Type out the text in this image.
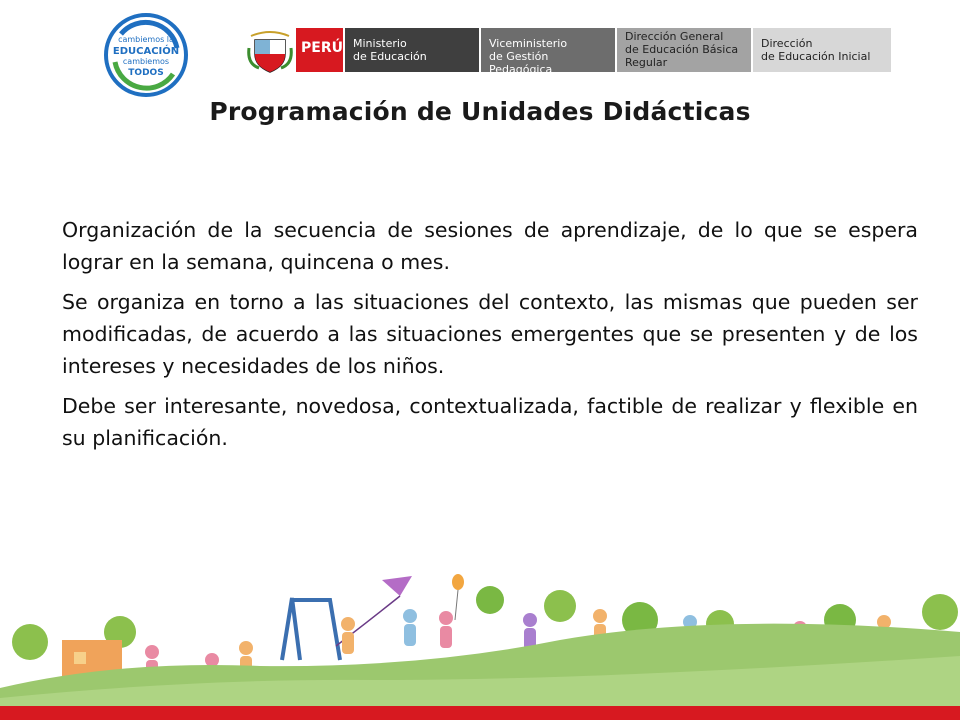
cambiemos la
EDUCACIÓN
cambiemos
TODOS
PERÚ Ministerio
de Educación
Viceministerio
de Gestión Pedagógica
Dirección General
de Educación Básica
Regular
Dirección
de Educación Inicial
Programación de Unidades Didácticas

Organización de la secuencia de sesiones de aprendizaje, de lo que se espera lograr en la semana, quincena o mes.

Se organiza en torno a las situaciones del contexto, las mismas que pueden ser modificadas, de acuerdo a las situaciones emergentes que se presenten y de los intereses y necesidades de los niños.

Debe ser interesante, novedosa, contextualizada, factible de realizar y flexible en su planificación.
